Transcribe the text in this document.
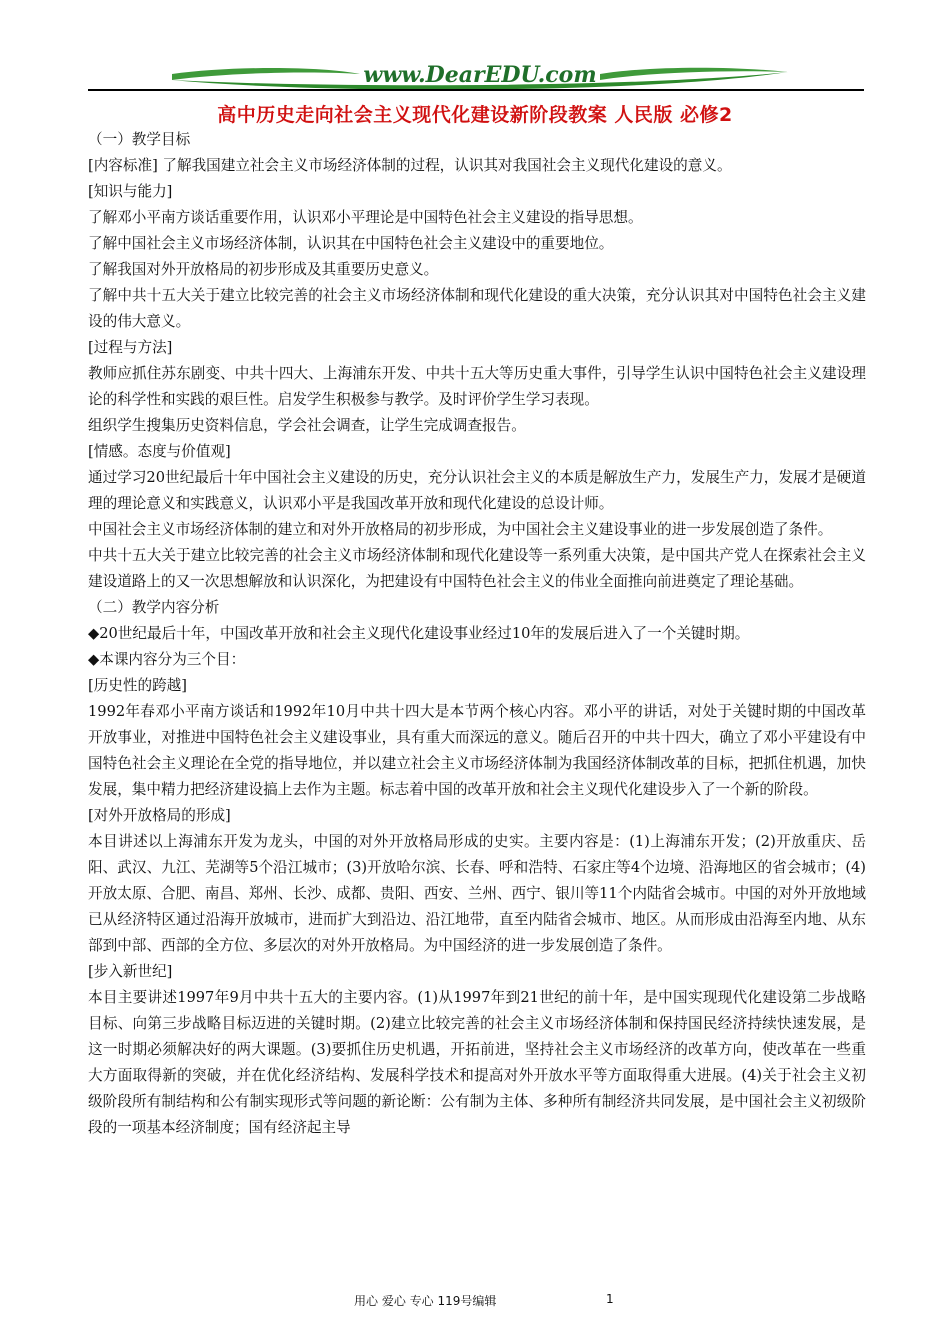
www.DearEDU.com
高中历史走向社会主义现代化建设新阶段教案 人民版 必修2

（一）教学目标

[内容标准] 了解我国建立社会主义市场经济体制的过程，认识其对我国社会主义现代化建设的意义。

[知识与能力]

了解邓小平南方谈话重要作用，认识邓小平理论是中国特色社会主义建设的指导思想。

了解中国社会主义市场经济体制，认识其在中国特色社会主义建设中的重要地位。

了解我国对外开放格局的初步形成及其重要历史意义。

了解中共十五大关于建立比较完善的社会主义市场经济体制和现代化建设的重大决策，充分认识其对中国特色社会主义建设的伟大意义。

[过程与方法]

教师应抓住苏东剧变、中共十四大、上海浦东开发、中共十五大等历史重大事件，引导学生认识中国特色社会主义建设理论的科学性和实践的艰巨性。启发学生积极参与教学。及时评价学生学习表现。

组织学生搜集历史资料信息，学会社会调查，让学生完成调查报告。

[情感。态度与价值观]

通过学习20世纪最后十年中国社会主义建设的历史，充分认识社会主义的本质是解放生产力，发展生产力，发展才是硬道理的理论意义和实践意义，认识邓小平是我国改革开放和现代化建设的总设计师。

中国社会主义市场经济体制的建立和对外开放格局的初步形成，为中国社会主义建设事业的进一步发展创造了条件。

中共十五大关于建立比较完善的社会主义市场经济体制和现代化建设等一系列重大决策，是中国共产党人在探索社会主义建设道路上的又一次思想解放和认识深化，为把建设有中国特色社会主义的伟业全面推向前进奠定了理论基础。

（二）教学内容分析

◆20世纪最后十年，中国改革开放和社会主义现代化建设事业经过10年的发展后进入了一个关键时期。

◆本课内容分为三个目：

[历史性的跨越]

1992年春邓小平南方谈话和1992年10月中共十四大是本节两个核心内容。邓小平的讲话，对处于关键时期的中国改革开放事业，对推进中国特色社会主义建设事业，具有重大而深远的意义。随后召开的中共十四大，确立了邓小平建设有中国特色社会主义理论在全党的指导地位，并以建立社会主义市场经济体制为我国经济体制改革的目标，把抓住机遇，加快发展，集中精力把经济建设搞上去作为主题。标志着中国的改革开放和社会主义现代化建设步入了一个新的阶段。

[对外开放格局的形成]

本目讲述以上海浦东开发为龙头，中国的对外开放格局形成的史实。主要内容是：(1)上海浦东开发；(2)开放重庆、岳阳、武汉、九江、芜湖等5个沿江城市；(3)开放哈尔滨、长春、呼和浩特、石家庄等4个边境、沿海地区的省会城市；(4)开放太原、合肥、南昌、郑州、长沙、成都、贵阳、西安、兰州、西宁、银川等11个内陆省会城市。中国的对外开放地域已从经济特区通过沿海开放城市，进而扩大到沿边、沿江地带，直至内陆省会城市、地区。从而形成由沿海至内地、从东部到中部、西部的全方位、多层次的对外开放格局。为中国经济的进一步发展创造了条件。

[步入新世纪]

本目主要讲述1997年9月中共十五大的主要内容。(1)从1997年到21世纪的前十年，是中国实现现代化建设第二步战略目标、向第三步战略目标迈进的关键时期。(2)建立比较完善的社会主义市场经济体制和保持国民经济持续快速发展，是这一时期必须解决好的两大课题。(3)要抓住历史机遇，开拓前进，坚持社会主义市场经济的改革方向，使改革在一些重大方面取得新的突破，并在优化经济结构、发展科学技术和提高对外开放水平等方面取得重大进展。(4)关于社会主义初级阶段所有制结构和公有制实现形式等问题的新论断：公有制为主体、多种所有制经济共同发展，是中国社会主义初级阶段的一项基本经济制度；国有经济起主导

用心 爱心 专心 119号编辑	1
